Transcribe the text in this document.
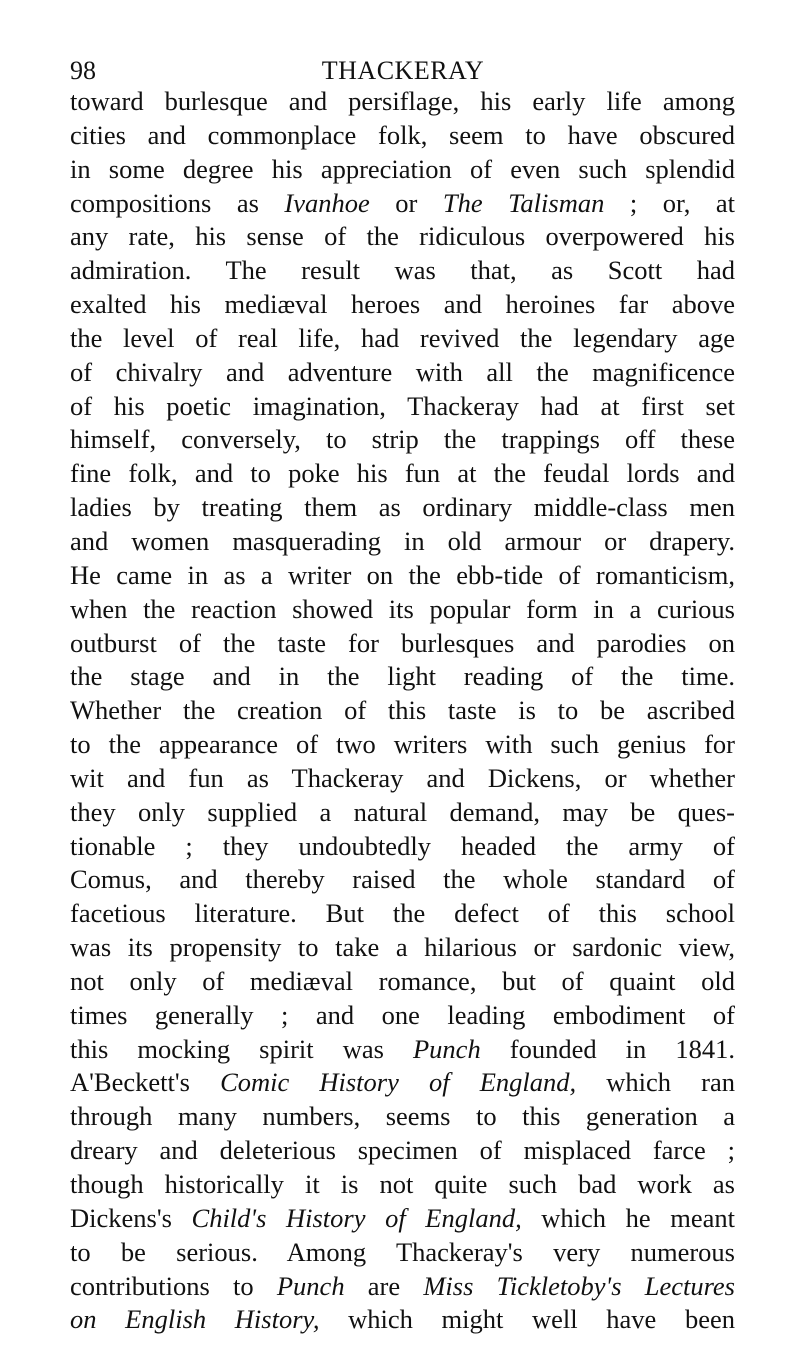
98	THACKERAY
toward burlesque and persiflage, his early life among
cities and commonplace folk, seem to have obscured
in some degree his appreciation of even such splendid
compositions as Ivanhoe or The Talisman ; or, at
any rate, his sense of the ridiculous overpowered his
admiration. The result was that, as Scott had
exalted his mediæval heroes and heroines far above
the level of real life, had revived the legendary age
of chivalry and adventure with all the magnificence
of his poetic imagination, Thackeray had at first set
himself, conversely, to strip the trappings off these
fine folk, and to poke his fun at the feudal lords and
ladies by treating them as ordinary middle-class men
and women masquerading in old armour or drapery.
He came in as a writer on the ebb-tide of romanticism,
when the reaction showed its popular form in a curious
outburst of the taste for burlesques and parodies on
the stage and in the light reading of the time.
Whether the creation of this taste is to be ascribed
to the appearance of two writers with such genius for
wit and fun as Thackeray and Dickens, or whether
they only supplied a natural demand, may be ques-
tionable ; they undoubtedly headed the army of
Comus, and thereby raised the whole standard of
facetious literature. But the defect of this school
was its propensity to take a hilarious or sardonic view,
not only of mediæval romance, but of quaint old
times generally ; and one leading embodiment of
this mocking spirit was Punch founded in 1841.
A'Beckett's Comic History of England, which ran
through many numbers, seems to this generation a
dreary and deleterious specimen of misplaced farce ;
though historically it is not quite such bad work as
Dickens's Child's History of England, which he meant
to be serious. Among Thackeray's very numerous
contributions to Punch are Miss Tickletoby's Lectures
on English History, which might well have been
